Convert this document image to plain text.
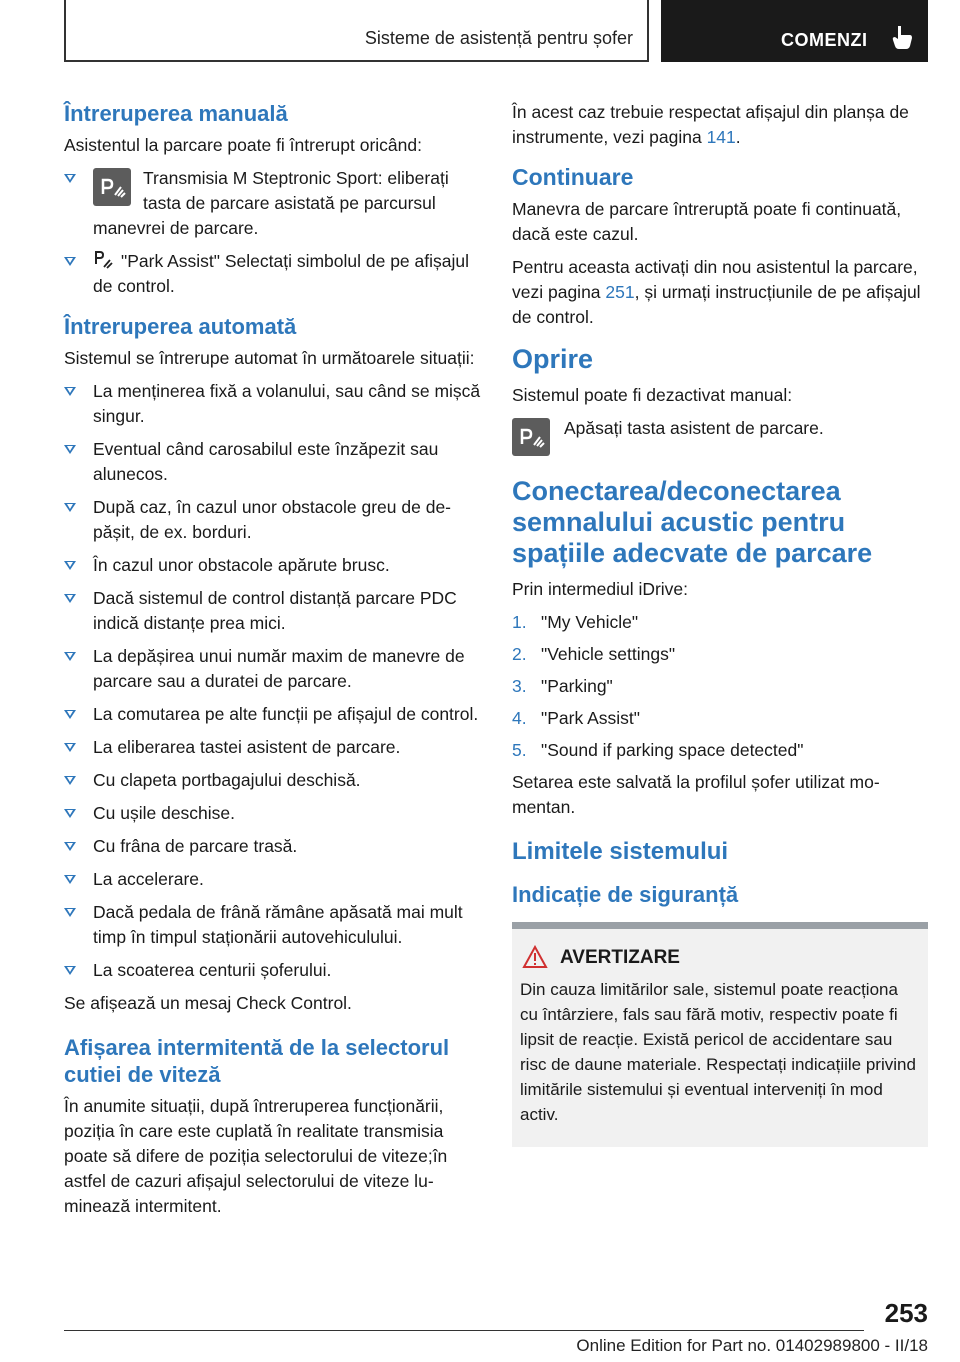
Sisteme de asistență pentru șofer	COMENZI
Întreruperea manuală

Asistentul la parcare poate fi întrerupt oricând:

Transmisia M Steptronic Sport: eliberați tasta de parcare asistată pe parcursul manevrei de parcare.
"Park Assist" Selectați simbolul de pe afișajul de control.
Întreruperea automată

Sistemul se întrerupe automat în următoarele situații:

La menținerea fixă a volanului, sau când se mișcă singur.
Eventual când carosabilul este înzăpezit sau alunecos.
După caz, în cazul unor obstacole greu de depășit, de ex. borduri.
În cazul unor obstacole apărute brusc.
Dacă sistemul de control distanță parcare PDC indică distanțe prea mici.
La depășirea unui număr maxim de manevre de parcare sau a duratei de parcare.
La comutarea pe alte funcții pe afișajul de control.
La eliberarea tastei asistent de parcare.
Cu clapeta portbagajului deschisă.
Cu ușile deschise.
Cu frâna de parcare trasă.
La accelerare.
Dacă pedala de frână rămâne apăsată mai mult timp în timpul staționării autovehiculului.
La scoaterea centurii șoferului.

Se afișează un mesaj Check Control.

Afișarea intermitentă de la selectorul cutiei de viteză

În anumite situații, după întreruperea funcționării, poziția în care este cuplată în realitate transmisia poate să difere de poziția selectorului de viteze;în astfel de cazuri afișajul selectorului de viteze luminează intermitent.

În acest caz trebuie respectat afișajul din planșa de instrumente, vezi pagina 141.

Continuare

Manevra de parcare întreruptă poate fi continuată, dacă este cazul.

Pentru aceasta activați din nou asistentul la parcare, vezi pagina 251, și urmați instrucțiunile de pe afișajul de control.

Oprire

Sistemul poate fi dezactivat manual:

Apăsați tasta asistent de parcare.
Conectarea/deconectarea semnalului acustic pentru spațiile adecvate de parcare

Prin intermediul iDrive:

1. "My Vehicle"
2. "Vehicle settings"
3. "Parking"
4. "Park Assist"
5. "Sound if parking space detected"

Setarea este salvată la profilul șofer utilizat momentan.

Limitele sistemului
Indicație de siguranță
AVERTIZARE

Din cauza limitărilor sale, sistemul poate reacționa cu întârziere, fals sau fără motiv, respectiv poate fi lipsit de reacție. Există pericol de accidentare sau risc de daune materiale. Respectați indicațiile privind limitările sistemului și eventual interveniți în mod activ.

253
Online Edition for Part no. 01402989800 - II/18
